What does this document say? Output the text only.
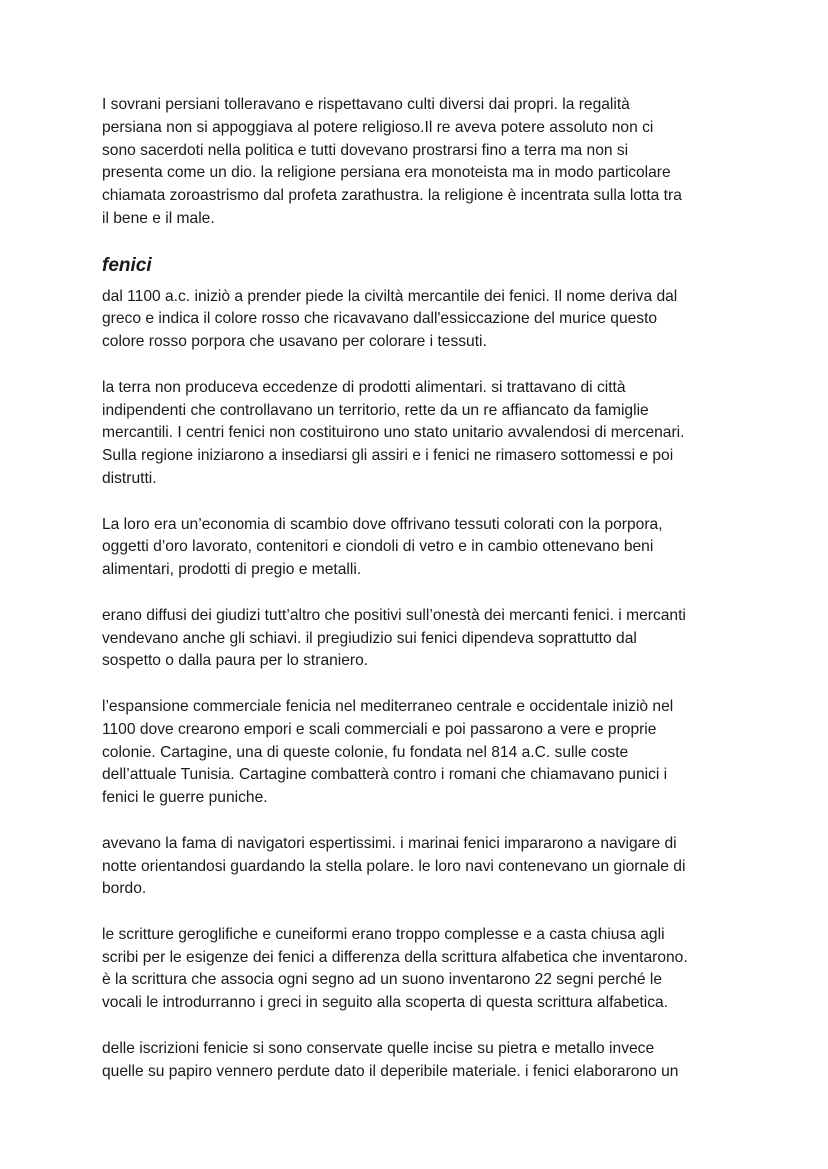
I sovrani persiani tolleravano e rispettavano culti diversi dai propri. la regalità
persiana non si appoggiava al potere religioso.Il re aveva potere assoluto non ci
sono sacerdoti nella politica e tutti dovevano prostrarsi fino a terra ma non si
presenta come un dio. la religione persiana era monoteista ma in modo particolare
chiamata zoroastrismo dal profeta zarathustra. la religione è incentrata sulla lotta tra
il bene e il male.

fenici

dal 1100 a.c. iniziò a prender piede la civiltà mercantile dei fenici. Il nome deriva dal
greco e indica il colore rosso che ricavavano dall'essiccazione del murice questo
colore rosso porpora che usavano per colorare i tessuti.

la terra non produceva eccedenze di prodotti alimentari. si trattavano di città
indipendenti che controllavano un territorio, rette da un re affiancato da famiglie
mercantili. I centri fenici non costituirono uno stato unitario avvalendosi di mercenari.
Sulla regione iniziarono a insediarsi gli assiri e i fenici ne rimasero sottomessi e poi
distrutti.

La loro era un’economia di scambio dove offrivano tessuti colorati con la porpora,
oggetti d’oro lavorato, contenitori e ciondoli di vetro e in cambio ottenevano beni
alimentari, prodotti di pregio e metalli.

erano diffusi dei giudizi tutt’altro che positivi sull’onestà dei mercanti fenici. i mercanti
vendevano anche gli schiavi. il pregiudizio sui fenici dipendeva soprattutto dal
sospetto o dalla paura per lo straniero.

l’espansione commerciale fenicia nel mediterraneo centrale e occidentale iniziò nel
1100 dove crearono empori e scali commerciali e poi passarono a vere e proprie
colonie. Cartagine, una di queste colonie, fu fondata nel 814 a.C. sulle coste
dell’attuale Tunisia. Cartagine combatterà contro i romani che chiamavano punici i
fenici le guerre puniche.

avevano la fama di navigatori espertissimi. i marinai fenici impararono a navigare di
notte orientandosi guardando la stella polare. le loro navi contenevano un giornale di
bordo.

le scritture geroglifiche e cuneiformi erano troppo complesse e a casta chiusa agli
scribi per le esigenze dei fenici a differenza della scrittura alfabetica che inventarono.
è la scrittura che associa ogni segno ad un suono inventarono 22 segni perché le
vocali le introdurranno i greci in seguito alla scoperta di questa scrittura alfabetica.

delle iscrizioni fenicie si sono conservate quelle incise su pietra e metallo invece
quelle su papiro vennero perdute dato il deperibile materiale. i fenici elaborarono un
